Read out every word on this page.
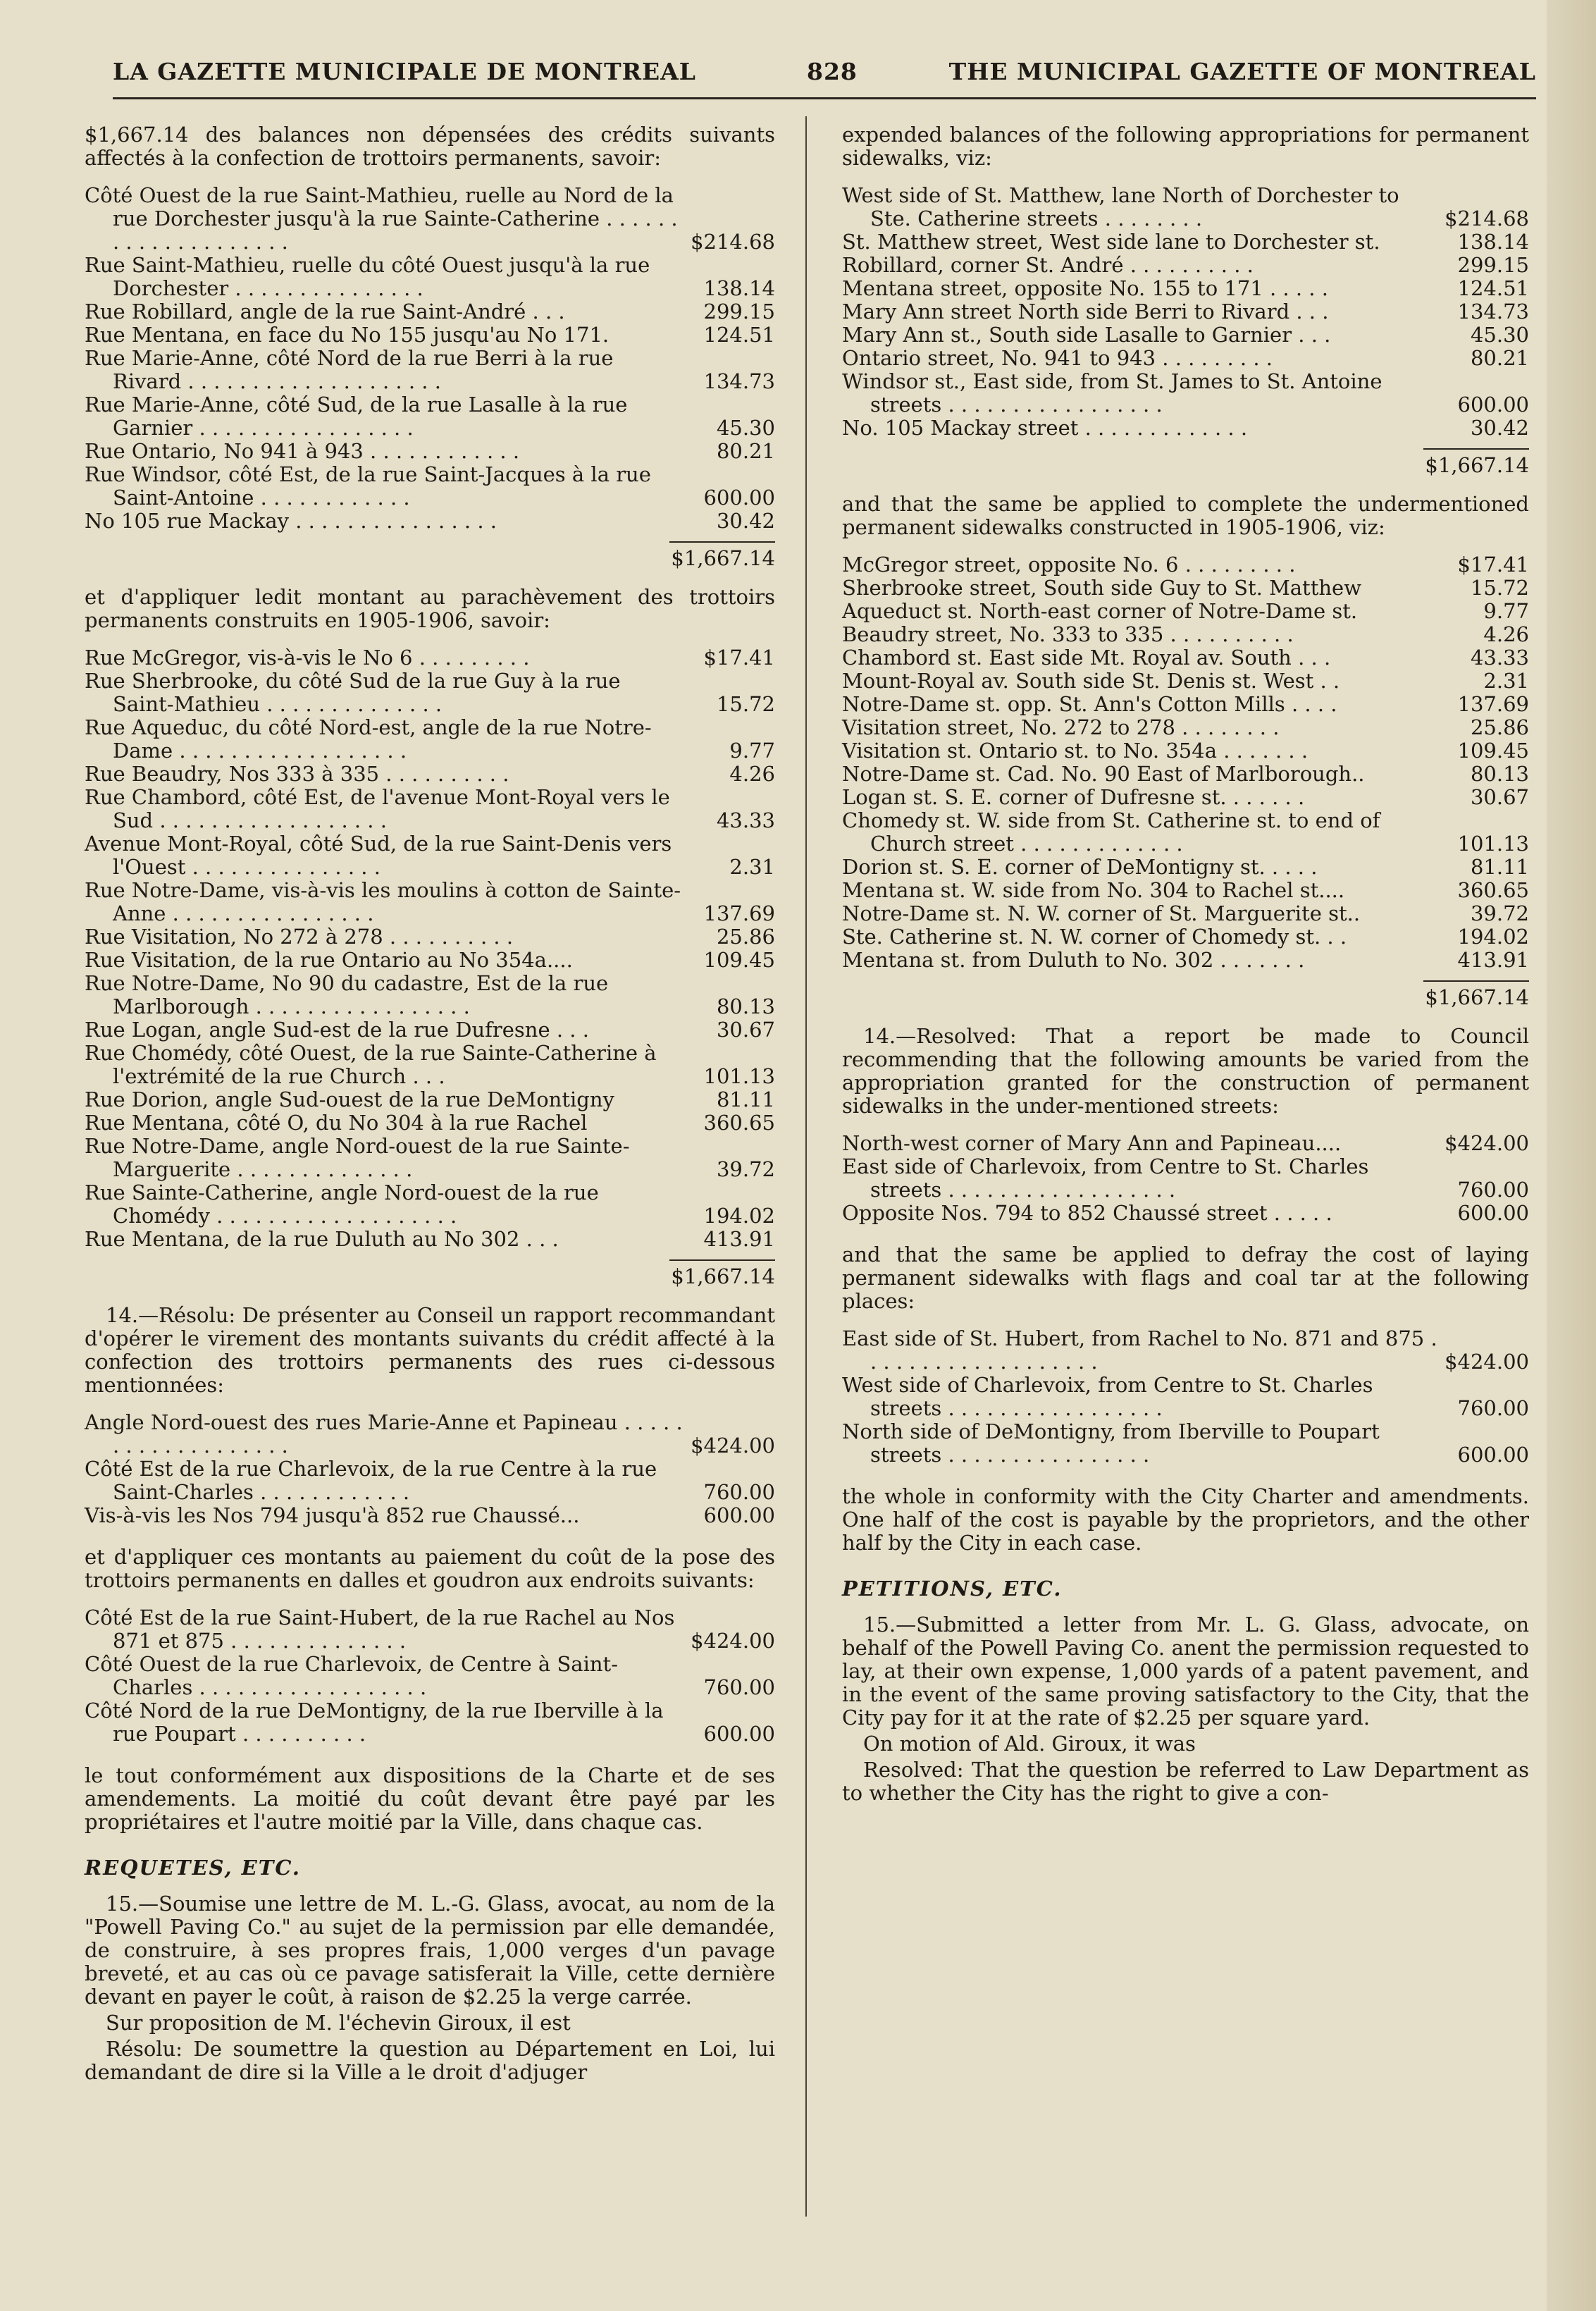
LA GAZETTE MUNICIPALE DE MONTREAL	828	THE MUNICIPAL GAZETTE OF MONTREAL

$1,667.14 des balances non dépensées des crédits suivants affectés à la confection de trottoirs permanents, savoir:

Côté Ouest de la rue Saint-Mathieu, ruelle au Nord de la rue Dorchester jusqu'à la rue Sainte-Catherine . . . . . . . . . . . . . . . . . . . .	$214.68
Rue Saint-Mathieu, ruelle du côté Ouest jusqu'à la rue Dorchester . . . . . . . . . . . . . . .	138.14
Rue Robillard, angle de la rue Saint-André . . .	299.15
Rue Mentana, en face du No 155 jusqu'au No 171.	124.51
Rue Marie-Anne, côté Nord de la rue Berri à la rue Rivard . . . . . . . . . . . . . . . . . . . .	134.73
Rue Marie-Anne, côté Sud, de la rue Lasalle à la rue Garnier . . . . . . . . . . . . . . . . .	45.30
Rue Ontario, No 941 à 943 . . . . . . . . . . . .	80.21
Rue Windsor, côté Est, de la rue Saint-Jacques à la rue Saint-Antoine . . . . . . . . . . . .	600.00
No 105 rue Mackay . . . . . . . . . . . . . . . .	30.42
$1,667.14

et d'appliquer ledit montant au parachèvement des trottoirs permanents construits en 1905-1906, savoir:

Rue McGregor, vis-à-vis le No 6 . . . . . . . . .	$17.41
Rue Sherbrooke, du côté Sud de la rue Guy à la rue Saint-Mathieu . . . . . . . . . . . . . .	15.72
Rue Aqueduc, du côté Nord-est, angle de la rue Notre-Dame . . . . . . . . . . . . . . . . . .	9.77
Rue Beaudry, Nos 333 à 335 . . . . . . . . . .	4.26
Rue Chambord, côté Est, de l'avenue Mont-Royal vers le Sud . . . . . . . . . . . . . . . . . .	43.33
Avenue Mont-Royal, côté Sud, de la rue Saint-Denis vers l'Ouest . . . . . . . . . . . . . . .	2.31
Rue Notre-Dame, vis-à-vis les moulins à cotton de Sainte-Anne . . . . . . . . . . . . . . . .	137.69
Rue Visitation, No 272 à 278 . . . . . . . . . .	25.86
Rue Visitation, de la rue Ontario au No 354a....	109.45
Rue Notre-Dame, No 90 du cadastre, Est de la rue Marlborough . . . . . . . . . . . . . . . . .	80.13
Rue Logan, angle Sud-est de la rue Dufresne . . .	30.67
Rue Chomédy, côté Ouest, de la rue Sainte-Catherine à l'extrémité de la rue Church . . .	101.13
Rue Dorion, angle Sud-ouest de la rue DeMontigny	81.11
Rue Mentana, côté O, du No 304 à la rue Rachel	360.65
Rue Notre-Dame, angle Nord-ouest de la rue Sainte-Marguerite . . . . . . . . . . . . . .	39.72
Rue Sainte-Catherine, angle Nord-ouest de la rue Chomédy . . . . . . . . . . . . . . . . . . .	194.02
Rue Mentana, de la rue Duluth au No 302 . . .	413.91
$1,667.14

14.—Résolu: De présenter au Conseil un rapport recommandant d'opérer le virement des montants suivants du crédit affecté à la confection des trottoirs permanents des rues ci-dessous mentionnées:

Angle Nord-ouest des rues Marie-Anne et Papineau . . . . . . . . . . . . . . . . . . .	$424.00
Côté Est de la rue Charlevoix, de la rue Centre à la rue Saint-Charles . . . . . . . . . . . .	760.00
Vis-à-vis les Nos 794 jusqu'à 852 rue Chaussé...	600.00

et d'appliquer ces montants au paiement du coût de la pose des trottoirs permanents en dalles et goudron aux endroits suivants:

Côté Est de la rue Saint-Hubert, de la rue Rachel au Nos 871 et 875 . . . . . . . . . . . . . .	$424.00
Côté Ouest de la rue Charlevoix, de Centre à Saint-Charles . . . . . . . . . . . . . . . . . .	760.00
Côté Nord de la rue DeMontigny, de la rue Iberville à la rue Poupart . . . . . . . . . .	600.00

le tout conformément aux dispositions de la Charte et de ses amendements. La moitié du coût devant être payé par les propriétaires et l'autre moitié par la Ville, dans chaque cas.

REQUETES, ETC.

15.—Soumise une lettre de M. L.-G. Glass, avocat, au nom de la "Powell Paving Co." au sujet de la permission par elle demandée, de construire, à ses propres frais, 1,000 verges d'un pavage breveté, et au cas où ce pavage satisferait la Ville, cette dernière devant en payer le coût, à raison de $2.25 la verge carrée.

Sur proposition de M. l'échevin Giroux, il est

Résolu: De soumettre la question au Département en Loi, lui demandant de dire si la Ville a le droit d'adjuger

expended balances of the following appropriations for permanent sidewalks, viz:

West side of St. Matthew, lane North of Dorchester to Ste. Catherine streets . . . . . . . .	$214.68
St. Matthew street, West side lane to Dorchester st.	138.14
Robillard, corner St. André . . . . . . . . . .	299.15
Mentana street, opposite No. 155 to 171 . . . . .	124.51
Mary Ann street North side Berri to Rivard . . .	134.73
Mary Ann st., South side Lasalle to Garnier . . .	45.30
Ontario street, No. 941 to 943 . . . . . . . . .	80.21
Windsor st., East side, from St. James to St. Antoine streets . . . . . . . . . . . . . . . . .	600.00
No. 105 Mackay street . . . . . . . . . . . . .	30.42
$1,667.14

and that the same be applied to complete the undermentioned permanent sidewalks constructed in 1905-1906, viz:

McGregor street, opposite No. 6 . . . . . . . . .	$17.41
Sherbrooke street, South side Guy to St. Matthew	15.72
Aqueduct st. North-east corner of Notre-Dame st.	9.77
Beaudry street, No. 333 to 335 . . . . . . . . . .	4.26
Chambord st. East side Mt. Royal av. South . . .	43.33
Mount-Royal av. South side St. Denis st. West . .	2.31
Notre-Dame st. opp. St. Ann's Cotton Mills . . . .	137.69
Visitation street, No. 272 to 278 . . . . . . . .	25.86
Visitation st. Ontario st. to No. 354a . . . . . . .	109.45
Notre-Dame st. Cad. No. 90 East of Marlborough..	80.13
Logan st. S. E. corner of Dufresne st. . . . . . .	30.67
Chomedy st. W. side from St. Catherine st. to end of Church street . . . . . . . . . . . . .	101.13
Dorion st. S. E. corner of DeMontigny st. . . . .	81.11
Mentana st. W. side from No. 304 to Rachel st....	360.65
Notre-Dame st. N. W. corner of St. Marguerite st..	39.72
Ste. Catherine st. N. W. corner of Chomedy st. . .	194.02
Mentana st. from Duluth to No. 302 . . . . . . .	413.91
$1,667.14

14.—Resolved: That a report be made to Council recommending that the following amounts be varied from the appropriation granted for the construction of permanent sidewalks in the under-mentioned streets:

North-west corner of Mary Ann and Papineau....	$424.00
East side of Charlevoix, from Centre to St. Charles streets . . . . . . . . . . . . . . . . . .	760.00
Opposite Nos. 794 to 852 Chaussé street . . . . .	600.00

and that the same be applied to defray the cost of laying permanent sidewalks with flags and coal tar at the following places:

East side of St. Hubert, from Rachel to No. 871 and 875 . . . . . . . . . . . . . . . . . . .	$424.00
West side of Charlevoix, from Centre to St. Charles streets . . . . . . . . . . . . . . . . .	760.00
North side of DeMontigny, from Iberville to Poupart streets . . . . . . . . . . . . . . . .	600.00

the whole in conformity with the City Charter and amendments. One half of the cost is payable by the proprietors, and the other half by the City in each case.

PETITIONS, ETC.

15.—Submitted a letter from Mr. L. G. Glass, advocate, on behalf of the Powell Paving Co. anent the permission requested to lay, at their own expense, 1,000 yards of a patent pavement, and in the event of the same proving satisfactory to the City, that the City pay for it at the rate of $2.25 per square yard.

On motion of Ald. Giroux, it was

Resolved: That the question be referred to Law Department as to whether the City has the right to give a con-
